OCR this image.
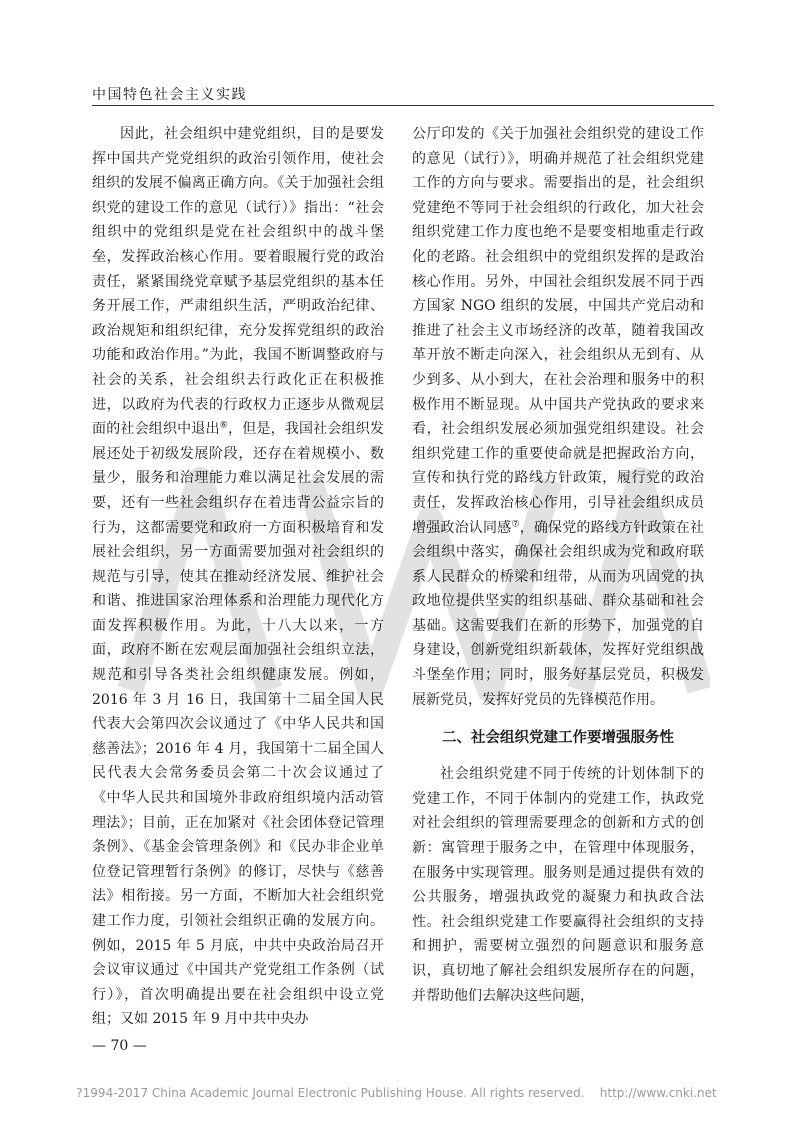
中国特色社会主义实践

因此，社会组织中建党组织，目的是要发挥中国共产党党组织的政治引领作用，使社会组织的发展不偏离正确方向。《关于加强社会组织党的建设工作的意见（试行）》指出：“社会组织中的党组织是党在社会组织中的战斗堡垒，发挥政治核心作用。要着眼履行党的政治责任，紧紧围绕党章赋予基层党组织的基本任务开展工作，严肃组织生活，严明政治纪律、政治规矩和组织纪律，充分发挥党组织的政治功能和政治作用。”为此，我国不断调整政府与社会的关系，社会组织去行政化正在积极推进，以政府为代表的行政权力正逐步从微观层面的社会组织中退出⑥，但是，我国社会组织发展还处于初级发展阶段，还存在着规模小、数量少，服务和治理能力难以满足社会发展的需要，还有一些社会组织存在着违背公益宗旨的行为，这都需要党和政府一方面积极培育和发展社会组织，另一方面需要加强对社会组织的规范与引导，使其在推动经济发展、维护社会和谐、推进国家治理体系和治理能力现代化方面发挥积极作用。为此，十八大以来，一方面，政府不断在宏观层面加强社会组织立法，规范和引导各类社会组织健康发展。例如，2016 年 3 月 16 日，我国第十二届全国人民代表大会第四次会议通过了《中华人民共和国慈善法》；2016 年 4 月，我国第十二届全国人民代表大会常务委员会第二十次会议通过了《中华人民共和国境外非政府组织境内活动管理法》；目前，正在加紧对《社会团体登记管理条例》、《基金会管理条例》和《民办非企业单位登记管理暂行条例》的修订，尽快与《慈善法》相衔接。另一方面，不断加大社会组织党建工作力度，引领社会组织正确的发展方向。例如，2015 年 5 月底，中共中央政治局召开会议审议通过《中国共产党党组工作条例（试行）》，首次明确提出要在社会组织中设立党组；又如 2015 年 9 月中共中央办

公厅印发的《关于加强社会组织党的建设工作的意见（试行）》，明确并规范了社会组织党建工作的方向与要求。需要指出的是，社会组织党建绝不等同于社会组织的行政化，加大社会组织党建工作力度也绝不是要变相地重走行政化的老路。社会组织中的党组织发挥的是政治核心作用。另外，中国社会组织发展不同于西方国家 NGO 组织的发展，中国共产党启动和推进了社会主义市场经济的改革，随着我国改革开放不断走向深入，社会组织从无到有、从少到多、从小到大，在社会治理和服务中的积极作用不断显现。从中国共产党执政的要求来看，社会组织发展必须加强党组织建设。社会组织党建工作的重要使命就是把握政治方向，宣传和执行党的路线方针政策，履行党的政治责任，发挥政治核心作用，引导社会组织成员增强政治认同感⑦，确保党的路线方针政策在社会组织中落实，确保社会组织成为党和政府联系人民群众的桥梁和纽带，从而为巩固党的执政地位提供坚实的组织基础、群众基础和社会基础。这需要我们在新的形势下，加强党的自身建设，创新党组织新载体，发挥好党组织战斗堡垒作用；同时，服务好基层党员，积极发展新党员，发挥好党员的先锋模范作用。

二、社会组织党建工作要增强服务性

社会组织党建不同于传统的计划体制下的党建工作，不同于体制内的党建工作，执政党对社会组织的管理需要理念的创新和方式的创新：寓管理于服务之中，在管理中体现服务，在服务中实现管理。服务则是通过提供有效的公共服务，增强执政党的凝聚力和执政合法性。社会组织党建工作要赢得社会组织的支持和拥护，需要树立强烈的问题意识和服务意识，真切地了解社会组织发展所存在的问题，并帮助他们去解决这些问题，

— 70 —
?1994-2017 China Academic Journal Electronic Publishing House. All rights reserved.    http://www.cnki.net
